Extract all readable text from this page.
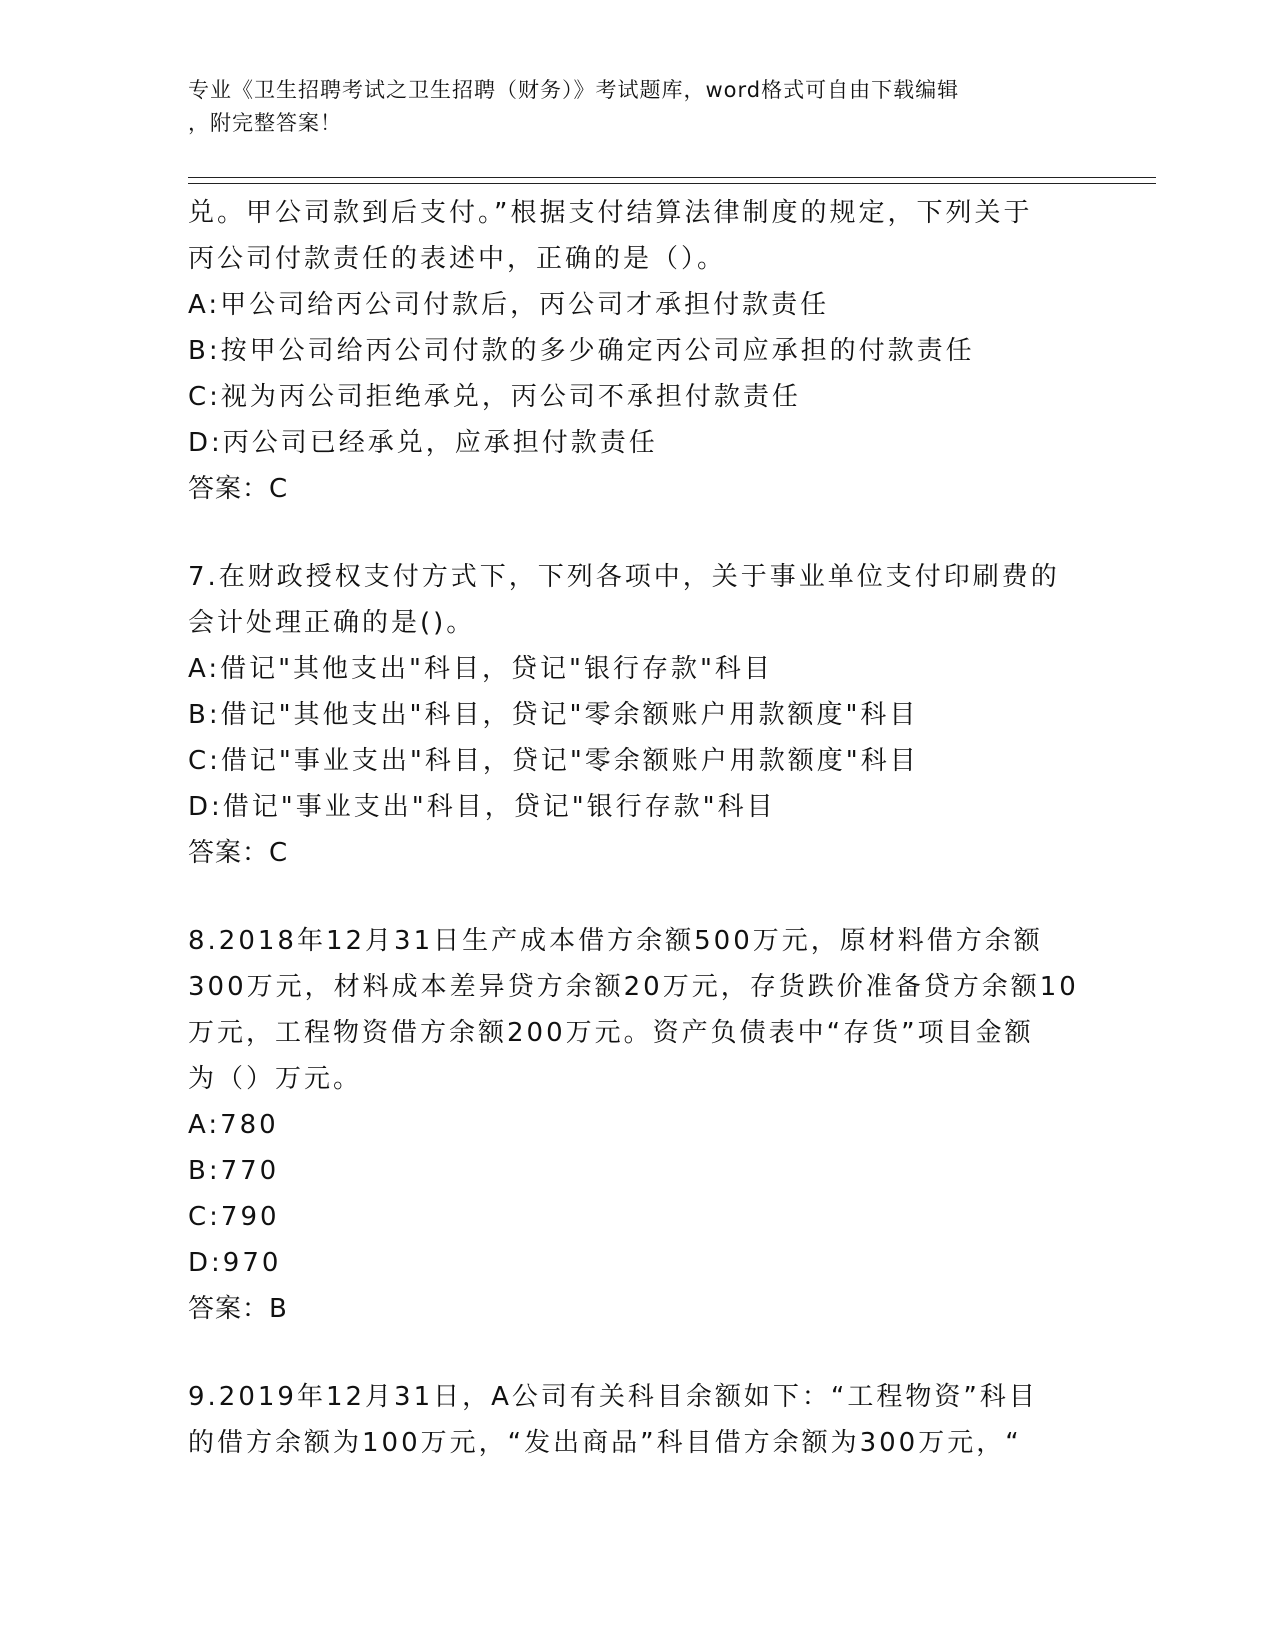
专业《卫生招聘考试之卫生招聘（财务）》考试题库，word格式可自由下载编辑
，附完整答案！
兑。甲公司款到后支付。”根据支付结算法律制度的规定，下列关于
丙公司付款责任的表述中，正确的是（）。
A:甲公司给丙公司付款后，丙公司才承担付款责任
B:按甲公司给丙公司付款的多少确定丙公司应承担的付款责任
C:视为丙公司拒绝承兑，丙公司不承担付款责任
D:丙公司已经承兑，应承担付款责任
答案：C
7.在财政授权支付方式下，下列各项中，关于事业单位支付印刷费的
会计处理正确的是()。
A:借记"其他支出"科目，贷记"银行存款"科目
B:借记"其他支出"科目，贷记"零余额账户用款额度"科目
C:借记"事业支出"科目，贷记"零余额账户用款额度"科目
D:借记"事业支出"科目，贷记"银行存款"科目
答案：C
8.2018年12月31日生产成本借方余额500万元，原材料借方余额
300万元，材料成本差异贷方余额20万元，存货跌价准备贷方余额10
万元，工程物资借方余额200万元。资产负债表中“存货”项目金额
为（）万元。
A:780
B:770
C:790
D:970
答案：B
9.2019年12月31日，A公司有关科目余额如下：“工程物资”科目
的借方余额为100万元，“发出商品”科目借方余额为300万元，“
